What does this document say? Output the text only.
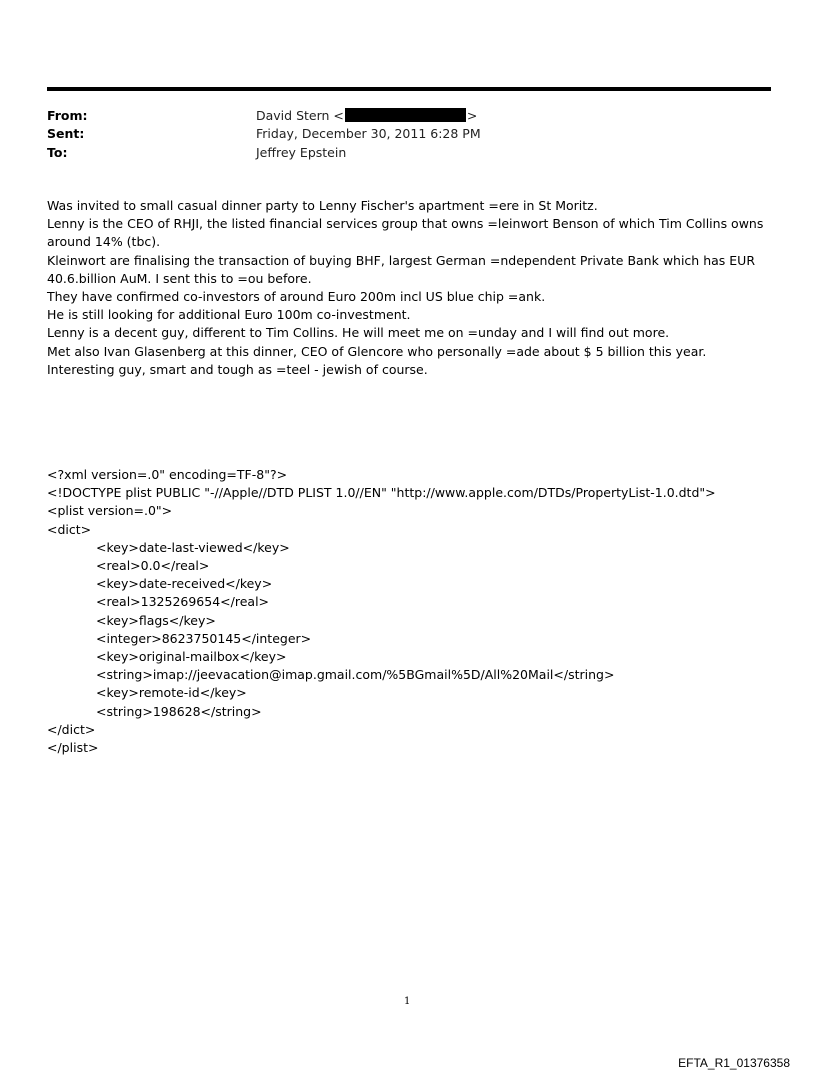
From:	David Stern <	>
Sent:	Friday, December 30, 2011 6:28 PM
To:	Jeffrey Epstein
Was invited to small casual dinner party to Lenny Fischer's apartment =ere in St Moritz.
Lenny is the CEO of RHJI, the listed financial services group that owns =leinwort Benson of which Tim Collins owns around 14% (tbc).
Kleinwort are finalising the transaction of buying BHF, largest German =ndependent Private Bank which has EUR 40.6.billion AuM. I sent this to =ou before.
They have confirmed co-investors of around Euro 200m incl US blue chip =ank.
He is still looking for additional Euro 100m co-investment.
Lenny is a decent guy, different to Tim Collins. He will meet me on =unday and I will find out more.
Met also Ivan Glasenberg at this dinner, CEO of Glencore who personally =ade about $ 5 billion this year. Interesting guy, smart and tough as =teel - jewish of course.
<?xml version=.0" encoding=TF-8"?>
<!DOCTYPE plist PUBLIC "-//Apple//DTD PLIST 1.0//EN" "http://www.apple.com/DTDs/PropertyList-1.0.dtd">
<plist version=.0">
<dict>
<key>date-last-viewed</key>
<real>0.0</real>
<key>date-received</key>
<real>1325269654</real>
<key>flags</key>
<integer>8623750145</integer>
<key>original-mailbox</key>
<string>imap://jeevacation@imap.gmail.com/%5BGmail%5D/All%20Mail</string>
<key>remote-id</key>
<string>198628</string>
</dict>
</plist>
1
EFTA_R1_01376358
